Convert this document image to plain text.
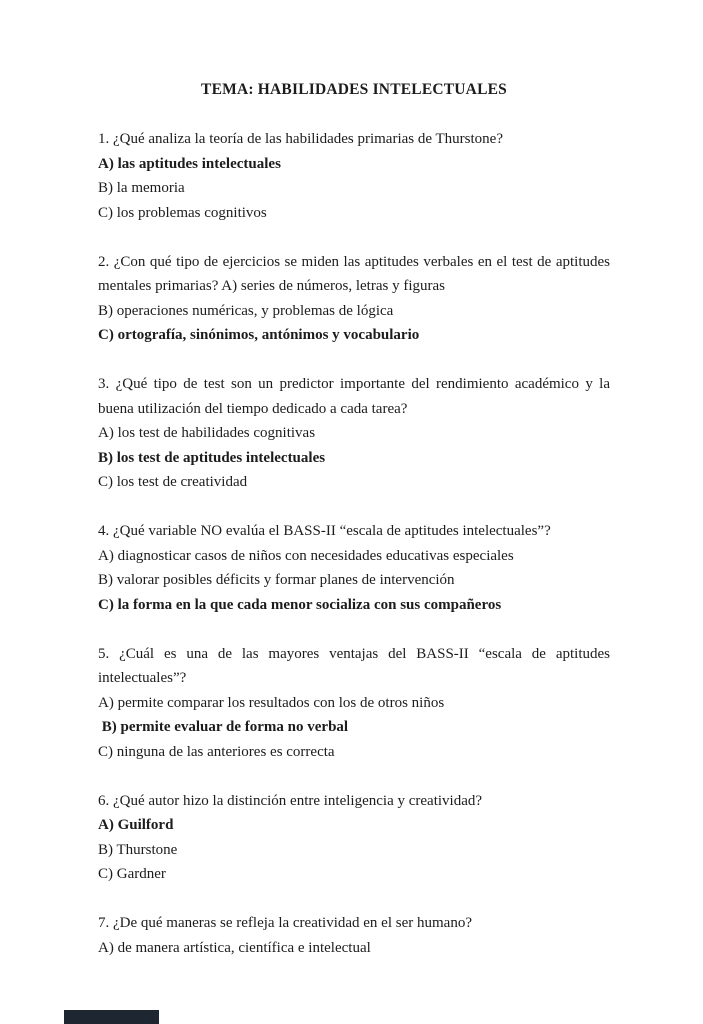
TEMA: HABILIDADES INTELECTUALES

1. ¿Qué analiza la teoría de las habilidades primarias de Thurstone?

A) las aptitudes intelectuales

B) la memoria

C) los problemas cognitivos

2. ¿Con qué tipo de ejercicios se miden las aptitudes verbales en el test de aptitudes mentales primarias? A) series de números, letras y figuras

B) operaciones numéricas, y problemas de lógica

C) ortografía, sinónimos, antónimos y vocabulario

3. ¿Qué tipo de test son un predictor importante del rendimiento académico y la buena utilización del tiempo dedicado a cada tarea?

A) los test de habilidades cognitivas

B) los test de aptitudes intelectuales

C) los test de creatividad

4. ¿Qué variable NO evalúa el BASS-II “escala de aptitudes intelectuales”?

A) diagnosticar casos de niños con necesidades educativas especiales

B) valorar posibles déficits y formar planes de intervención

C) la forma en la que cada menor socializa con sus compañeros

5. ¿Cuál es una de las mayores ventajas del BASS-II “escala de aptitudes intelectuales”?

A) permite comparar los resultados con los de otros niños

B) permite evaluar de forma no verbal

C) ninguna de las anteriores es correcta

6. ¿Qué autor hizo la distinción entre inteligencia y creatividad?

A) Guilford

B) Thurstone

C) Gardner

7. ¿De qué maneras se refleja la creatividad en el ser humano?

A) de manera artística, científica e intelectual
